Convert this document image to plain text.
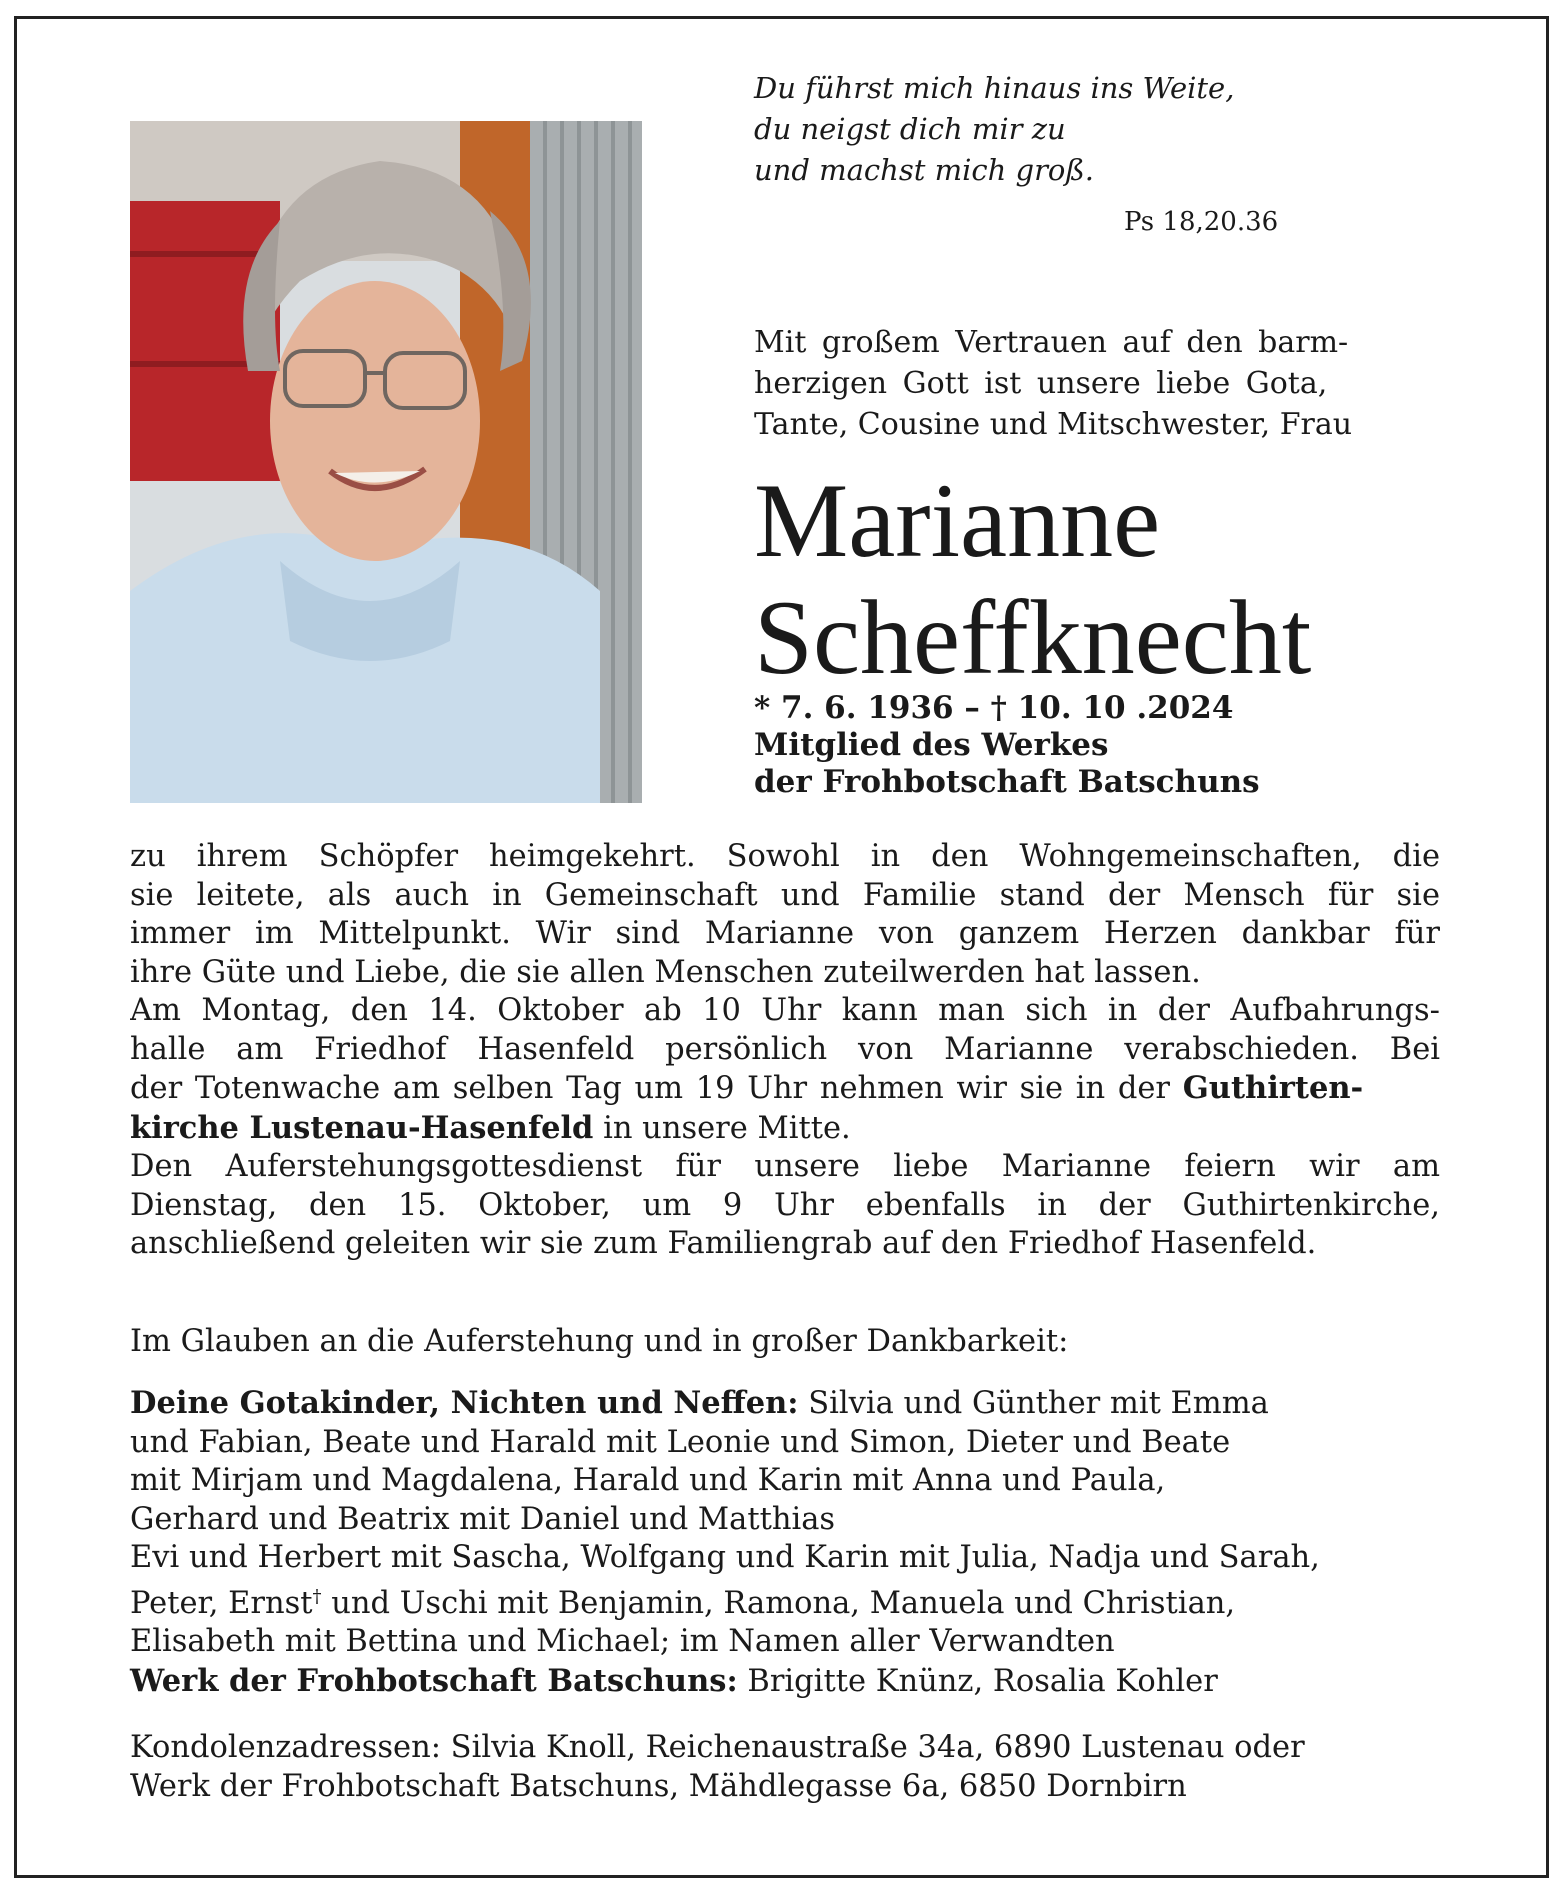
Du führst mich hinaus ins Weite,
du neigst dich mir zu
und machst mich groß.
Ps 18,20.36
Mit großem Vertrauen auf den barm-
herzigen Gott ist unsere liebe Gota,
Tante, Cousine und Mitschwester, Frau
Marianne
Scheffknecht
* 7. 6. 1936 – † 10. 10 .2024
Mitglied des Werkes
der Frohbotschaft Batschuns
zu ihrem Schöpfer heimgekehrt. Sowohl in den Wohngemeinschaften, die
sie leitete, als auch in Gemeinschaft und Familie stand der Mensch für sie
immer im Mittelpunkt. Wir sind Marianne von ganzem Herzen dankbar für
ihre Güte und Liebe, die sie allen Menschen zuteilwerden hat lassen.
Am Montag, den 14. Oktober ab 10 Uhr kann man sich in der Aufbahrungs-
halle am Friedhof Hasenfeld persönlich von Marianne verabschieden. Bei
der Totenwache am selben Tag um 19 Uhr nehmen wir sie in der Guthirten-
kirche Lustenau-Hasenfeld in unsere Mitte.
Den Auferstehungsgottesdienst für unsere liebe Marianne feiern wir am
Dienstag, den 15. Oktober, um 9 Uhr ebenfalls in der Guthirtenkirche,
anschließend geleiten wir sie zum Familiengrab auf den Friedhof Hasenfeld.
Im Glauben an die Auferstehung und in großer Dankbarkeit:
Deine Gotakinder, Nichten und Neffen: Silvia und Günther mit Emma
und Fabian, Beate und Harald mit Leonie und Simon, Dieter und Beate
mit Mirjam und Magdalena, Harald und Karin mit Anna und Paula,
Gerhard und Beatrix mit Daniel und Matthias
Evi und Herbert mit Sascha, Wolfgang und Karin mit Julia, Nadja und Sarah,
Peter, Ernst† und Uschi mit Benjamin, Ramona, Manuela und Christian,
Elisabeth mit Bettina und Michael; im Namen aller Verwandten
Werk der Frohbotschaft Batschuns: Brigitte Knünz, Rosalia Kohler
Kondolenzadressen: Silvia Knoll, Reichenaustraße 34a, 6890 Lustenau oder
Werk der Frohbotschaft Batschuns, Mähdlegasse 6a, 6850 Dornbirn
